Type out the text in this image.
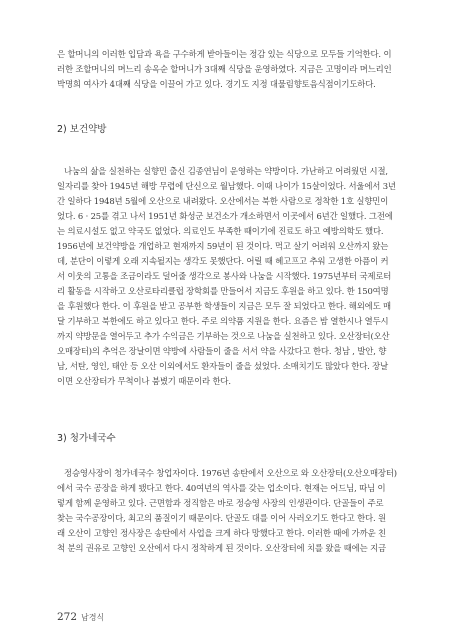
은 할머니의 이러한 입담과 욕을 구수하게 받아들이는 정감 있는 식당으로 모두들 기억한다. 이
러한 조할머니의 며느리 송옥순 할머니가 3대째 식당을 운영하였다. 지금은 고명이라 며느리인
박명희 여사가 4대째 식당을 이끌어 가고 있다. 경기도 지정 대물림향토음식점이기도하다.
2) 보건약방
나눔의 삶을 실천하는 실향민 출신 김종연님이 운영하는 약방이다. 가난하고 어려웠던 시절,
일자리를 찾아 1945년 해방 무렵에 단신으로 월남했다. 이때 나이가 15살이었다. 서울에서 3년
간 일하다 1948년 5월에 오산으로 내려왔다. 오산에서는 북한 사람으로 정착한 1호 실향민이
었다. 6 · 25를 겪고 나서 1951년 화성군 보건소가 개소하면서 이곳에서 6년간 일했다. 그전에
는 의료시설도 없고 약국도 없었다. 의료인도 부족한 때이기에 진료도 하고 예방의학도 했다.
1956년에 보건약방을 개업하고 현재까지 59년이 된 것이다. 먹고 살기 어려워 오산까지 왔는
데, 분단이 이렇게 오래 지속될지는 생각도 못했단다. 어릴 때 헤고프고 추워 고생한 아픔이 커
서 이웃의 고통을 조금이라도 덜어줄 생각으로 봉사와 나눔을 시작했다. 1975년부터 국제로터
리 활동을 시작하고 오산로타리클럽 장학회를 만들어서 지금도 후원을 하고 있다. 한 150여명
을 후원했다 한다. 이 후원을 받고 공부한 학생들이 지금은 모두 잘 되었다고 한다. 해외에도 매
달 기부하고 북한에도 하고 있다고 한다. 주로 의약품 지원을 한다. 요즘은 밤 열한시나 열두시
까지 약방문을 열어두고 추가 수익금은 기부하는 것으로 나눔을 실천하고 있다. 오산장터(오산
오매장터)의 추억은 장날이면 약방에 사람들이 줄을 서서 약을 사갔다고 한다. 청남 , 발안, 향
남, 서탄, 영인, 태안 등 오산 이외에서도 환자들이 줄을 섰었다. 소매치기도 많았다 한다. 장날
이면 오산장터가 무척이나 붐볐기 때문이라 한다.
3) 청가네국수
정승영사장이 청가네국수 창업자이다. 1976년 송탄에서 오산으로 와 오산장터(오산오매장터)
에서 국수 공장을 하게 됐다고 한다. 40여년의 역사를 갖는 업소이다. 현재는 어드님, 따님 이
렇게 함께 운영하고 있다. 근면함과 정직함은 바로 정승영 사장의 인생관이다. 단골들이 주로
찾는 국수공장이다, 최고의 품질이기 때문이다. 단골도 대를 이어 사러오기도 한다고 한다. 원
래 오산이 고향인 정사장은 송탄에서 사업을 크게 하다 망했다고 한다. 이러한 때에 가까운 친
척 분의 권유로 고향인 오산에서 다시 정착하게 된 것이다. 오산장터에 치를 왔을 때에는 지금
272 남경식
